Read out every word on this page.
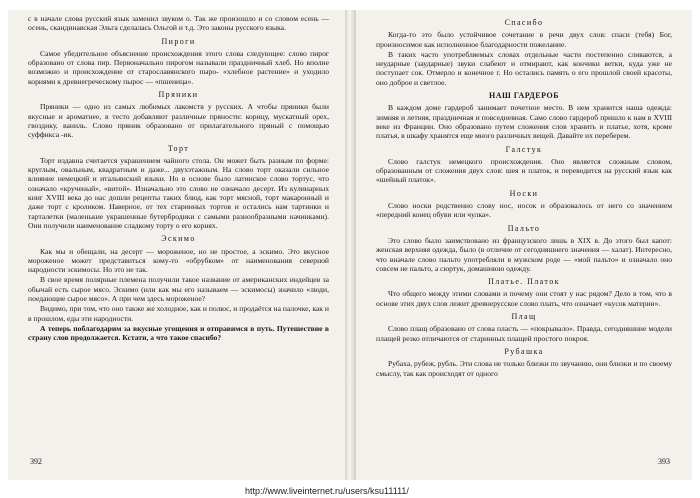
с в начале слова русский язык заменил звуком о. Так же произошло и со словом есень — осень, скандинавская Эльга сделалась Ольгой и т.д. Это законы русского языка.

Пироги

Самое убедительное объяснение происхождения этого слова следующее: слово пирог образовано от слова пир. Первоначально пирогом называли праздничный хлеб. Но вполне возможно и происхождение от старославянского пыро- «хлебное растение» и уходило корнями к древнегреческому пырос — «пшеница».

Пряники

Пряники — одно из самых любимых лакомств у русских. А чтобы пряники были вкусные и ароматнее, в тесто добавляют различные пряности: корицу, мускатный орех, гвоздику, ваниль. Слово пряник образовано от прилагательного пряный с помощью суффикса -ик.

Торт

Торт издавна считается украшением чайного стола. Он может быть разным по форме: круглым, овальным, квадратным и даже... двухэтажным. На слово торт оказали сильное влияние немецкий и итальянский языки. Но в основе было латинское слово тортус, что означало «крученый», «витой». Изначально это слово не означало десерт. Из кулинарных книг XVIII века до нас дошли рецепты таких блюд, как торт мясной, торт макаронный и даже торт с кроликом. Наверное, от тех старинных тортов и остались нам тартинки и тарталетки (маленькие украшенные бутербродики с самыми разнообразными начинками). Они получили наименование сладкому торту о его корнях.

Эскимо

Как мы и обещали, на десерт — мороженое, но не простое, а эскимо. Это вкусное мороженое может представиться кому-то «обрубком» от наименования северной народности эскимосы. Но это не так.

В свое время полярные племена получили такое название от американских индейцев за обычай есть сырое мясо. Эскимо (или как мы его называем — эскимосы) значило «люди, поедающие сырое мясо». А при чем здесь мороженое?

Видимо, при том, что оно также же холодное, как и полюс, и продаётся на палочке, как и в прошлом, еды эти народности.

А теперь поблагодарим за вкусные угощения и отправимся в путь. Путешествие в страну слов продолжается. Кстати, а что такое спасибо?

392
Спасибо

Когда-то это было устойчивое сочетание в речи двух слов: спаси (тебя) Бог, произносимое как исполненное благодарности пожелание.

В таких часто употребляемых словах отдельные части постепенно сливаются, а неударные (заударные) звуки слабеют и отмирают, как кончики ветки, куда уже не поступает сок. Отмерло и конечное г. Но остались память о его прошлой своей красоты, оно доброе и светлое.

НАШ ГАРДЕРОБ

В каждом доме гардероб занимает почетное место. В нем хранится наша одежда: зимняя и летняя, праздничная и повседневная. Само слово гардероб пришло к нам в XVIII веке из Франции. Оно образовано путем сложения слов хранить и платье, хотя, кроме платья, в шкафу хранятся еще много различных вещей. Давайте их переберем.

Галстук

Слово галстук немецкого происхождения. Оно является сложным словом, образованным от сложения двух слов: шея и платок, и переводится на русский язык как «шейный платок».

Носки

Слово носки родственно слову нос, носок и образовалось от него со значением «передний конец обуви или чулка».

Пальто

Это слово было заимствовано из французского лишь в XIX в. До этого был капот: женская верхняя одежда, было (в отличие от сегодняшнего значения — халат). Интересно, что вначале слово пальто употребляли в мужском роде — «мой пальто» и означало оно совсем не пальто, а сюртук, домашнюю одежду.

Платье. Платок

Что общего между этими словами и почему они стоят у нас рядом? Дело в том, что в основе этих двух слов лежит древнерусское слово плать, что означает «кусок материи».

Плащ

Слово плащ образовано от слова пласть — «покрывало». Правда, сегодняшние модели плащей резко отличаются от старинных плащей простого покроя.

Рубашка

Рубаха, рубеж, рубль. Эти слова не только близки по звучанию, они близки и по своему смыслу, так как происходят от одного

393
http://www.liveinternet.ru/users/ksu11111/
